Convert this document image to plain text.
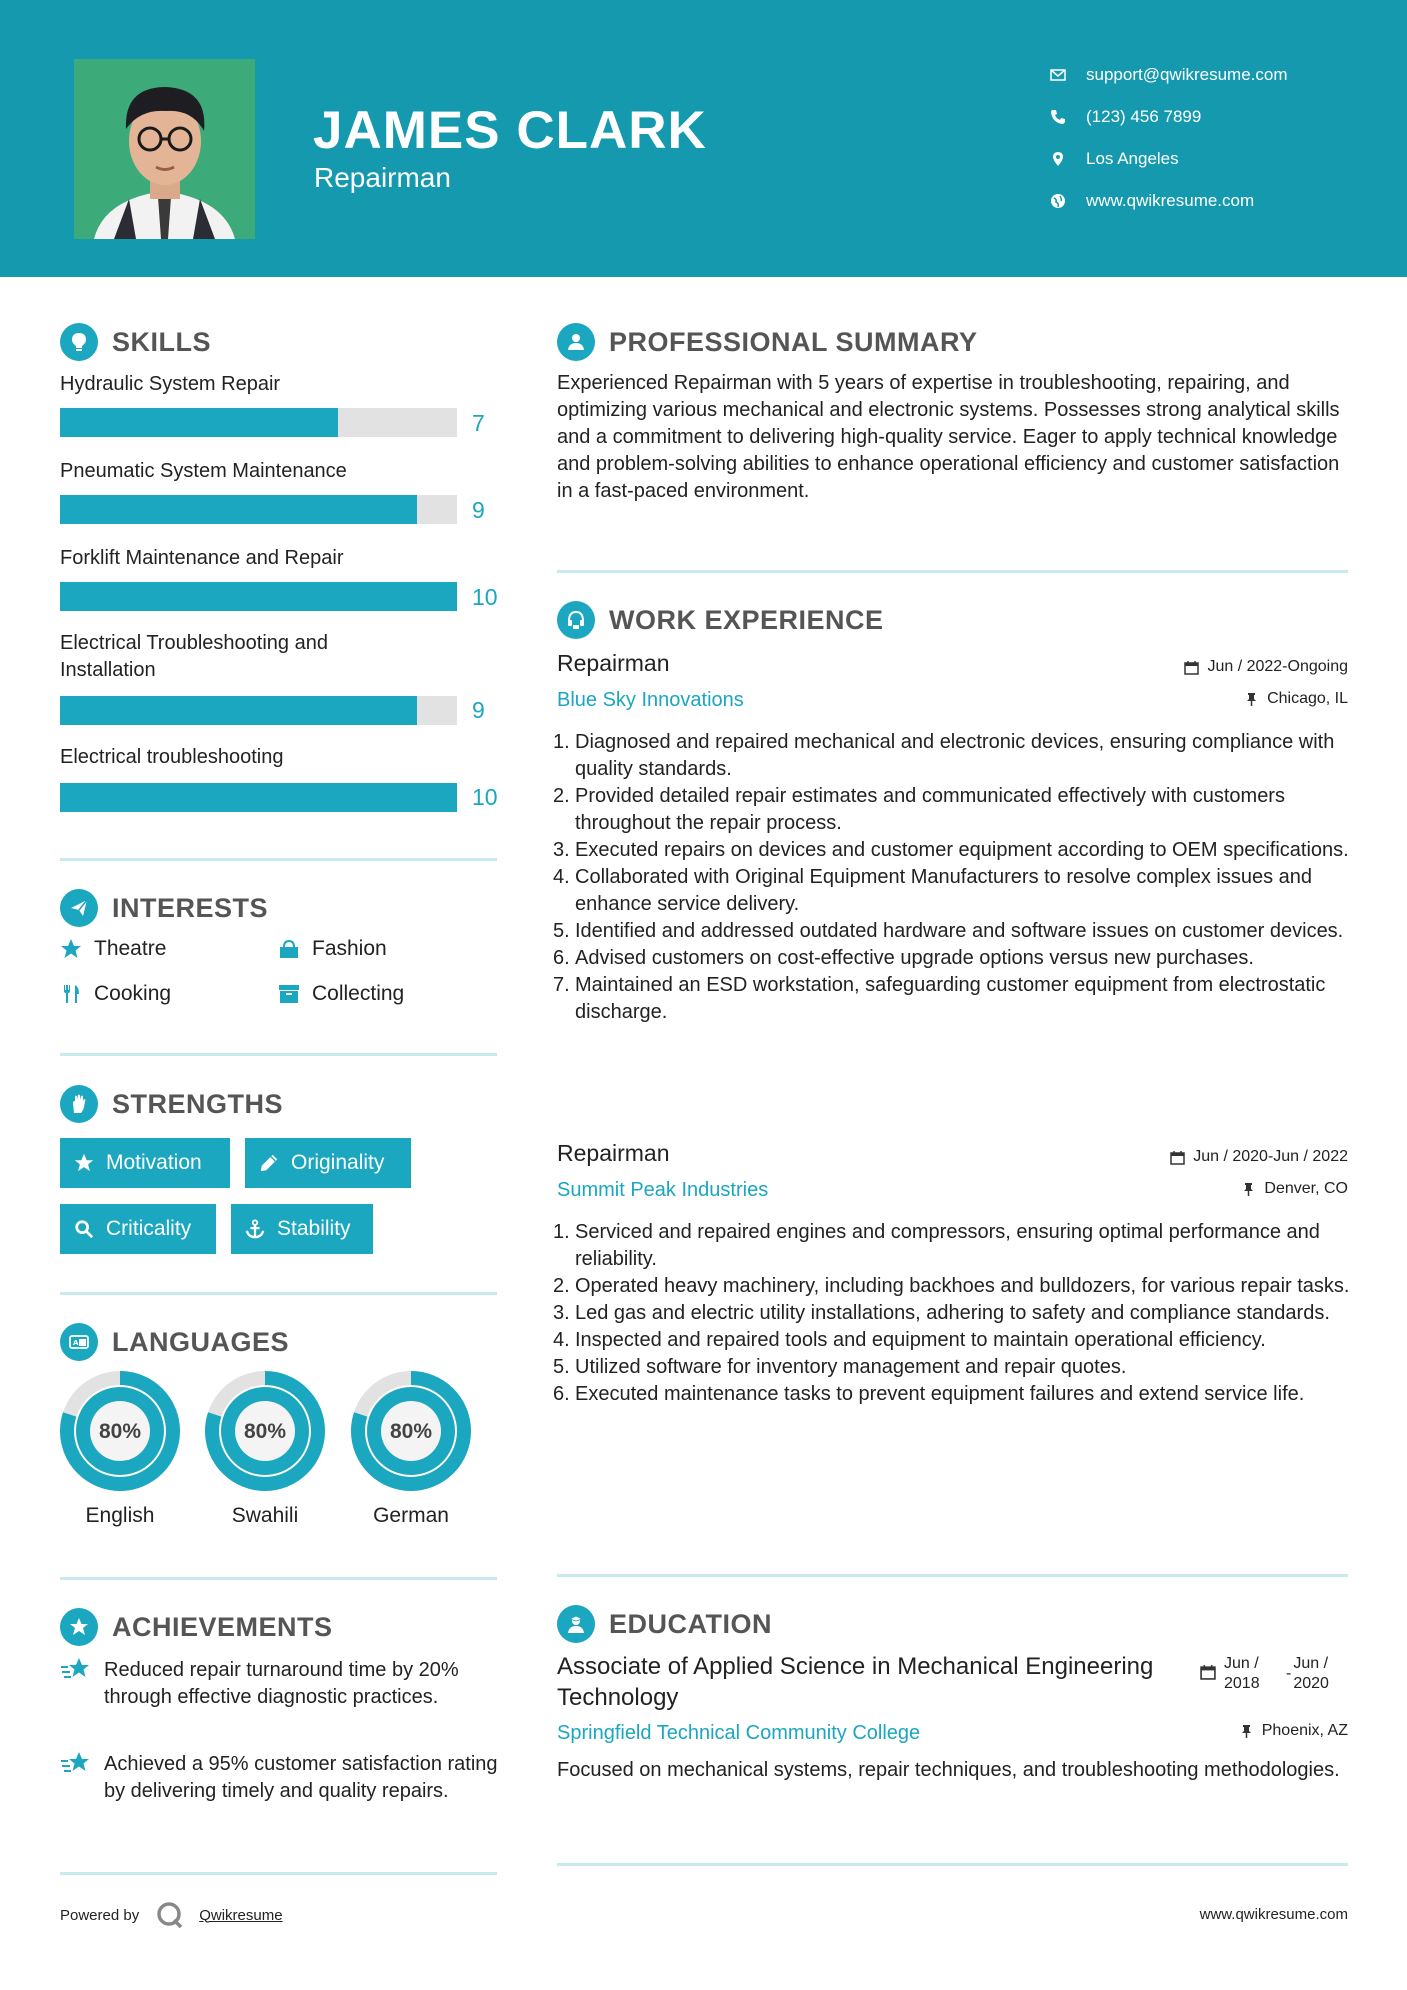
JAMES CLARK
Repairman
support@qwikresume.com
(123) 456 7899
Los Angeles
www.qwikresume.com
SKILLS
Hydraulic System Repair
7
Pneumatic System Maintenance
9
Forklift Maintenance and Repair
10
Electrical Troubleshooting and Installation
9
Electrical troubleshooting
10
INTERESTS
Theatre	Fashion
Cooking	Collecting
STRENGTHS
Motivation	Originality
Criticality	Stability
A LANGUAGES
80%
English
80%
Swahili
80%
German
ACHIEVEMENTS
Reduced repair turnaround time by 20% through effective diagnostic practices.
Achieved a 95% customer satisfaction rating by delivering timely and quality repairs.
PROFESSIONAL SUMMARY
Experienced Repairman with 5 years of expertise in troubleshooting, repairing, and optimizing various mechanical and electronic systems. Possesses strong analytical skills and a commitment to delivering high-quality service. Eager to apply technical knowledge and problem-solving abilities to enhance operational efficiency and customer satisfaction in a fast-paced environment.
WORK EXPERIENCE
Repairman	Jun / 2022-Ongoing
Blue Sky Innovations	Chicago, IL
Diagnosed and repaired mechanical and electronic devices, ensuring compliance with quality standards.
Provided detailed repair estimates and communicated effectively with customers throughout the repair process.
Executed repairs on devices and customer equipment according to OEM specifications.
Collaborated with Original Equipment Manufacturers to resolve complex issues and enhance service delivery.
Identified and addressed outdated hardware and software issues on customer devices.
Advised customers on cost-effective upgrade options versus new purchases.
Maintained an ESD workstation, safeguarding customer equipment from electrostatic discharge.
Repairman	Jun / 2020-Jun / 2022
Summit Peak Industries	Denver, CO
Serviced and repaired engines and compressors, ensuring optimal performance and reliability.
Operated heavy machinery, including backhoes and bulldozers, for various repair tasks.
Led gas and electric utility installations, adhering to safety and compliance standards.
Inspected and repaired tools and equipment to maintain operational efficiency.
Utilized software for inventory management and repair quotes.
Executed maintenance tasks to prevent equipment failures and extend service life.
EDUCATION
Associate of Applied Science in Mechanical Engineering Technology
Jun / 2018
-
Jun / 2020
Springfield Technical Community College	Phoenix, AZ
Focused on mechanical systems, repair techniques, and troubleshooting methodologies.
Powered by	Qwikresume	www.qwikresume.com
